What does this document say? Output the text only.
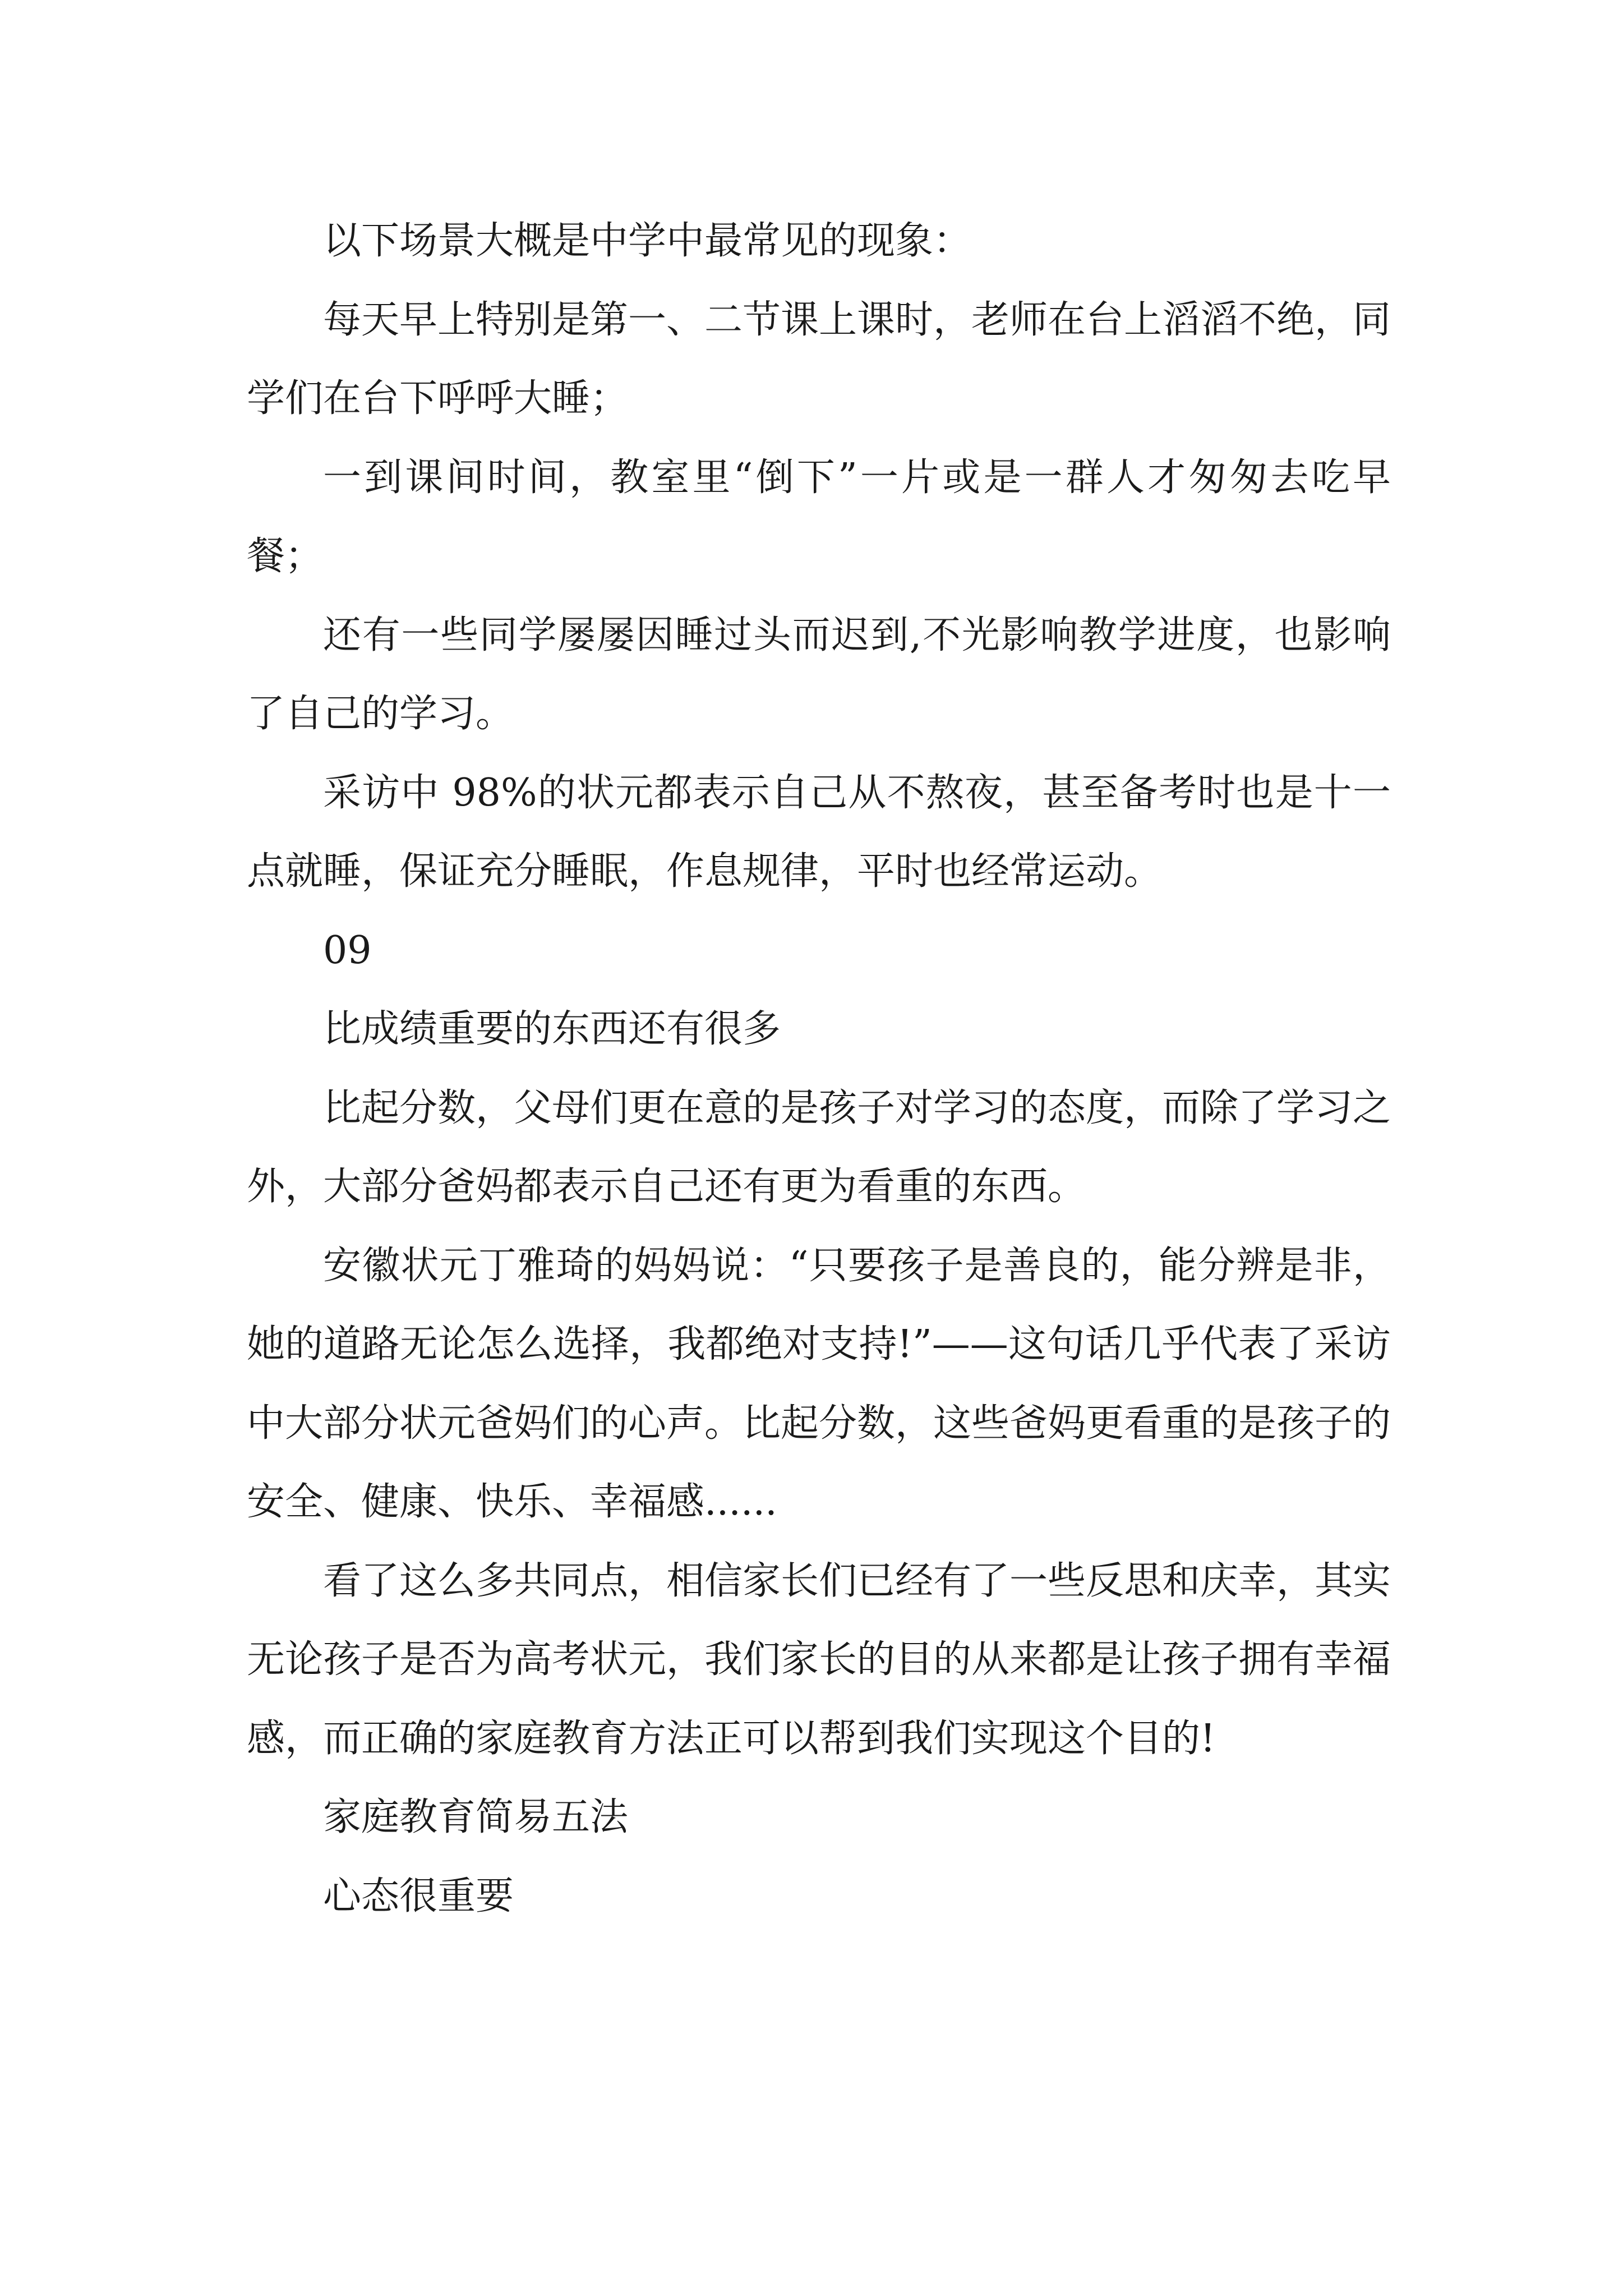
以下场景大概是中学中最常见的现象：

每天早上特别是第一、二节课上课时，老师在台上滔滔不绝，同学们在台下呼呼大睡；

一到课间时间，教室里“倒下”一片或是一群人才匆匆去吃早餐；

还有一些同学屡屡因睡过头而迟到,不光影响教学进度，也影响了自己的学习。

采访中 98%的状元都表示自己从不熬夜，甚至备考时也是十一点就睡，保证充分睡眠，作息规律，平时也经常运动。

09

比成绩重要的东西还有很多

比起分数，父母们更在意的是孩子对学习的态度，而除了学习之外，大部分爸妈都表示自己还有更为看重的东西。

安徽状元丁雅琦的妈妈说：“只要孩子是善良的，能分辨是非，她的道路无论怎么选择，我都绝对支持!”——这句话几乎代表了采访中大部分状元爸妈们的心声。比起分数，这些爸妈更看重的是孩子的安全、健康、快乐、幸福感......

看了这么多共同点，相信家长们已经有了一些反思和庆幸，其实无论孩子是否为高考状元，我们家长的目的从来都是让孩子拥有幸福感，而正确的家庭教育方法正可以帮到我们实现这个目的!

家庭教育简易五法

心态很重要
